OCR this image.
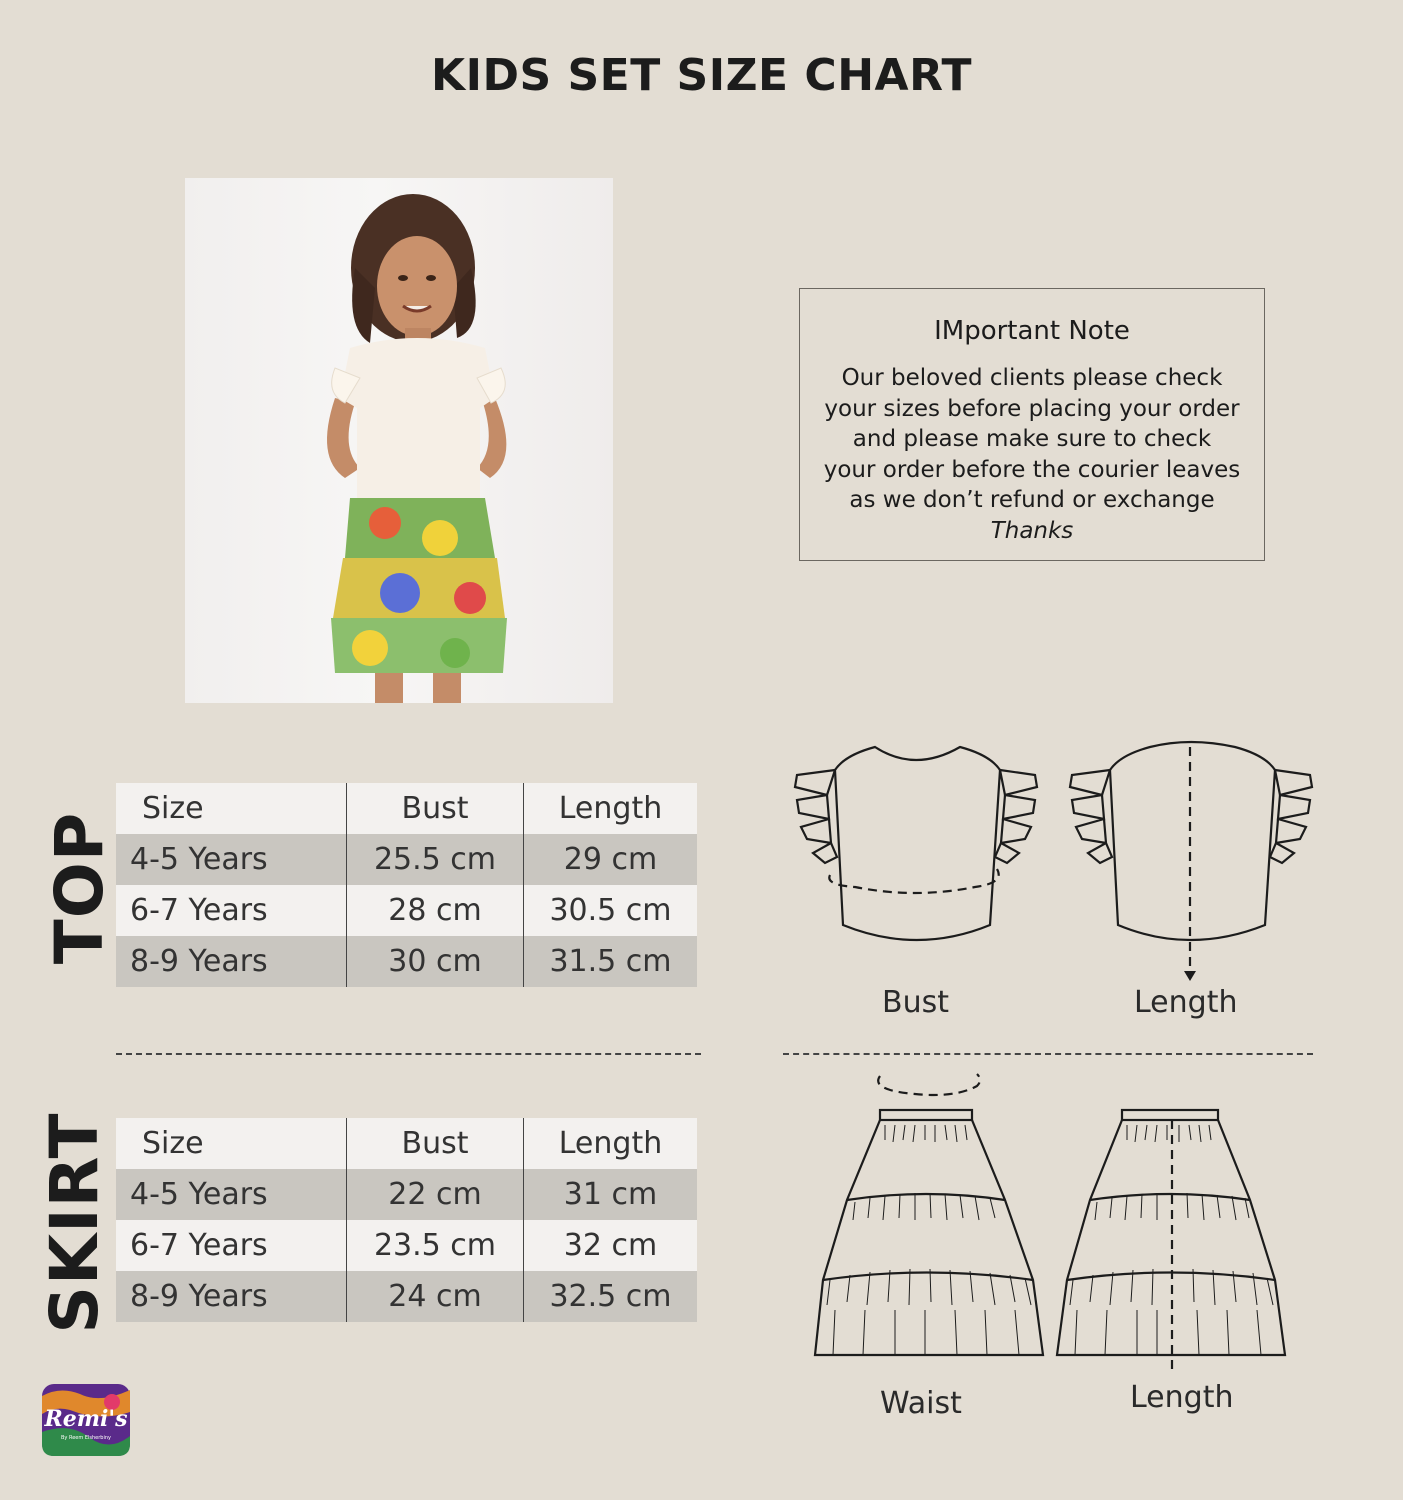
KIDS SET SIZE CHART
IMportant Note
Our beloved clients please check
your sizes before placing your order
and please make sure to check
your order before the courier leaves
as we don’t refund or exchange
Thanks
TOP
Size	Bust	Length
4-5 Years	25.5 cm	29 cm
6-7 Years	28 cm	30.5 cm
8-9 Years	30 cm	31.5 cm
Bust	Length
SKIRT Size	Bust	Length
4-5 Years	22 cm	31 cm
6-7 Years	23.5 cm	32 cm
8-9 Years	24 cm	32.5 cm
Waist	Length
Remi's
By Reem Elsherbiny
